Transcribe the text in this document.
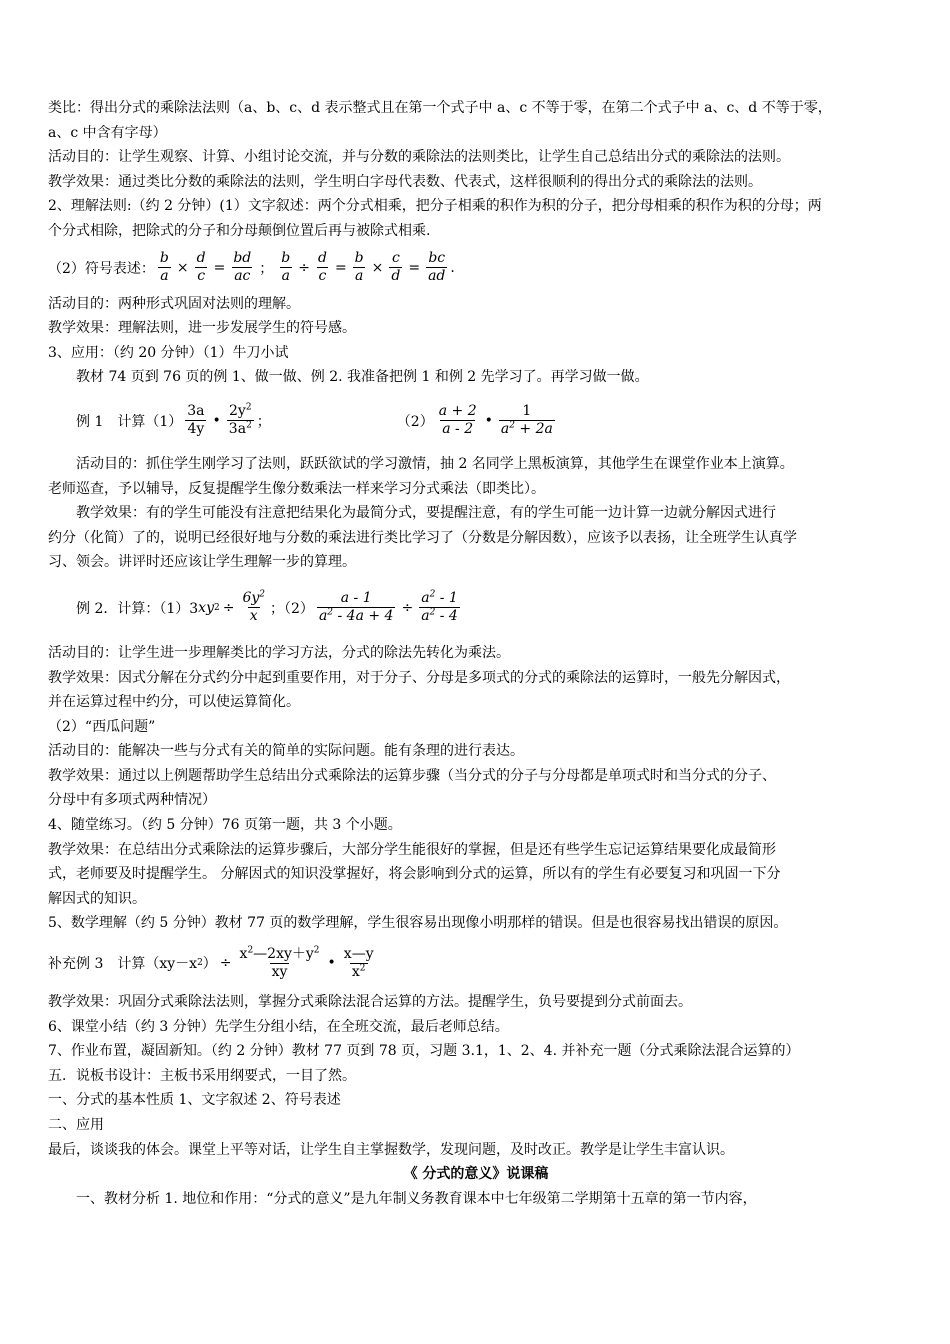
类比：得出分式的乘除法法则（a、b、c、d 表示整式且在第一个式子中 a、c 不等于零，在第二个式子中 a、c、d 不等于零，
a、c 中含有字母）
活动目的：让学生观察、计算、小组讨论交流，并与分数的乘除法的法则类比，让学生自己总结出分式的乘除法的法则。
教学效果：通过类比分数的乘除法的法则，学生明白字母代表数、代表式，这样很顺利的得出分式的乘除法的法则。
2、理解法则:（约 2 分钟）(1）文字叙述：两个分式相乘，把分子相乘的积作为积的分子，把分母相乘的积作为积的分母；两
个分式相除，把除式的分子和分母颠倒位置后再与被除式相乘.
（2）符号表述： $\frac{b}{a} \times \frac{d}{c} = \frac{bd}{ac}$ ； $\frac{b}{a} \div \frac{d}{c} = \frac{b}{a} \times \frac{c}{d} = \frac{bc}{ad}$ .
活动目的：两种形式巩固对法则的理解。
教学效果：理解法则，进一步发展学生的符号感。
3、应用：（约 20 分钟）（1）牛刀小试
教材 74 页到 76 页的例 1、做一做、例 2. 我准备把例 1 和例 2 先学习了。再学习做一做。
例 1　计算$(1) \frac{3a}{4y}$ • $\frac{2y^2}{3a^2}$ ；	$(2) \frac{a + 2}{a - 2}$ • $\frac{1}{a^2 + 2a}$
活动目的：抓住学生刚学习了法则，跃跃欲试的学习激情，抽 2 名同学上黑板演算，其他学生在课堂作业本上演算。
老师巡查，予以辅导，反复提醒学生像分数乘法一样来学习分式乘法（即类比）。
教学效果：有的学生可能没有注意把结果化为最简分式，要提醒注意，有的学生可能一边计算一边就分解因式进行
约分（化简）了的，说明已经很好地与分数的乘法进行类比学习了（分数是分解因数），应该予以表扬，让全班学生认真学
习、领会。讲评时还应该让学生理解一步的算理。
例 2．计算：（1）3 xy $2 \div \frac{6y^2}{x}$ ；$(2) \frac{a - 1}{a^2 - 4a + 4} \div \frac{a^2 - 1}{a^2 - 4}$
活动目的：让学生进一步理解类比的学习方法，分式的除法先转化为乘法。
教学效果：因式分解在分式约分中起到重要作用，对于分子、分母是多项式的分式的乘除法的运算时，一般先分解因式，
并在运算过程中约分，可以使运算简化。
（2）“西瓜问题”
活动目的：能解决一些与分式有关的简单的实际问题。能有条理的进行表达。
教学效果：通过以上例题帮助学生总结出分式乘除法的运算步骤（当分式的分子与分母都是单项式时和当分式的分子、
分母中有多项式两种情况）
4、随堂练习。（约 5 分钟）76 页第一题，共 3 个小题。
教学效果：在总结出分式乘除法的运算步骤后，大部分学生能很好的掌握，但是还有些学生忘记运算结果要化成最简形
式，老师要及时提醒学生。 分解因式的知识没掌握好，将会影响到分式的运算，所以有的学生有必要复习和巩固一下分
解因式的知识。
5、数学理解（约 5 分钟）教材 77 页的数学理解，学生很容易出现像小明那样的错误。但是也很容易找出错误的原因。
补充例 3　计算（xy－x 2 ） ÷ $\frac{x^2—2xy+y^2}{xy}$ • $\frac{x—y}{x^2}$
教学效果：巩固分式乘除法法则，掌握分式乘除法混合运算的方法。提醒学生，负号要提到分式前面去。
6、课堂小结（约 3 分钟）先学生分组小结，在全班交流，最后老师总结。
7、作业布置，凝固新知。（约 2 分钟）教材 77 页到 78 页，习题 3.1，1、2、4. 并补充一题（分式乘除法混合运算的）
五．说板书设计：主板书采用纲要式，一目了然。
一、分式的基本性质 1、文字叙述 2、符号表述
二、应用
最后，谈谈我的体会。课堂上平等对话，让学生自主掌握数学，发现问题，及时改正。教学是让学生丰富认识。
《 分式的意义》说课稿
一、教材分析 1. 地位和作用：“分式的意义”是九年制义务教育课本中七年级第二学期第十五章的第一节内容，
